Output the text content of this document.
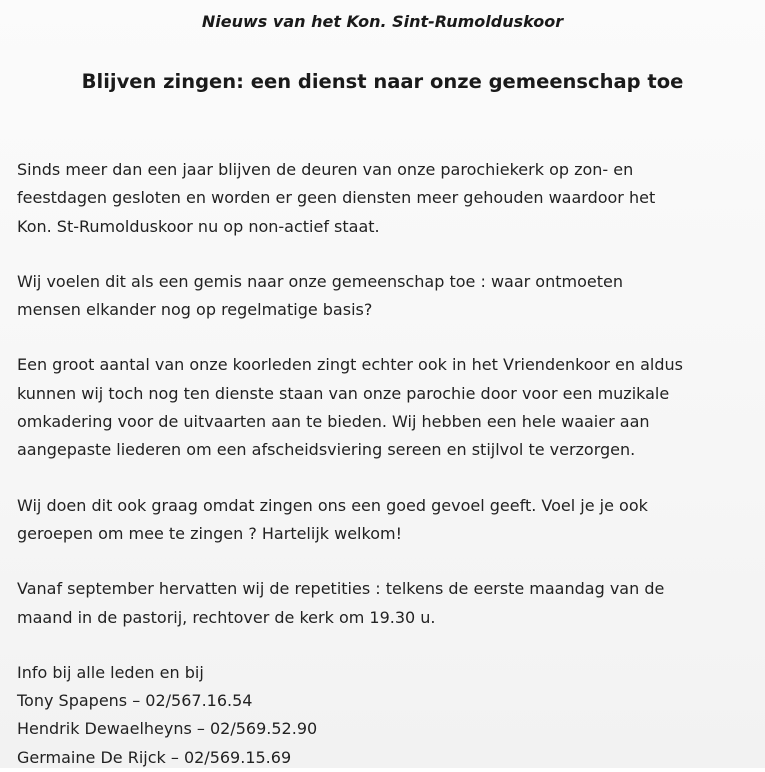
Nieuws van het Kon. Sint-Rumolduskoor
Blijven zingen: een dienst naar onze gemeenschap toe

Sinds meer dan een jaar blijven de deuren van onze parochiekerk op zon- en
feestdagen gesloten en worden er geen diensten meer gehouden waardoor het
Kon. St-Rumolduskoor nu op non-actief staat.

Wij voelen dit als een gemis naar onze gemeenschap toe : waar ontmoeten
mensen elkander nog op regelmatige basis?

Een groot aantal van onze koorleden zingt echter ook in het Vriendenkoor en aldus
kunnen wij toch nog ten dienste staan van onze parochie door voor een muzikale
omkadering voor de uitvaarten aan te bieden. Wij hebben een hele waaier aan
aangepaste liederen om een afscheidsviering sereen en stijlvol te verzorgen.

Wij doen dit ook graag omdat zingen ons een goed gevoel geeft. Voel je je ook
geroepen om mee te zingen ? Hartelijk welkom!

Vanaf september hervatten wij de repetities : telkens de eerste maandag van de
maand in de pastorij, rechtover de kerk om 19.30 u.

Info bij alle leden en bij
Tony Spapens – 02/567.16.54
Hendrik Dewaelheyns – 02/569.52.90
Germaine De Rijck – 02/569.15.69
